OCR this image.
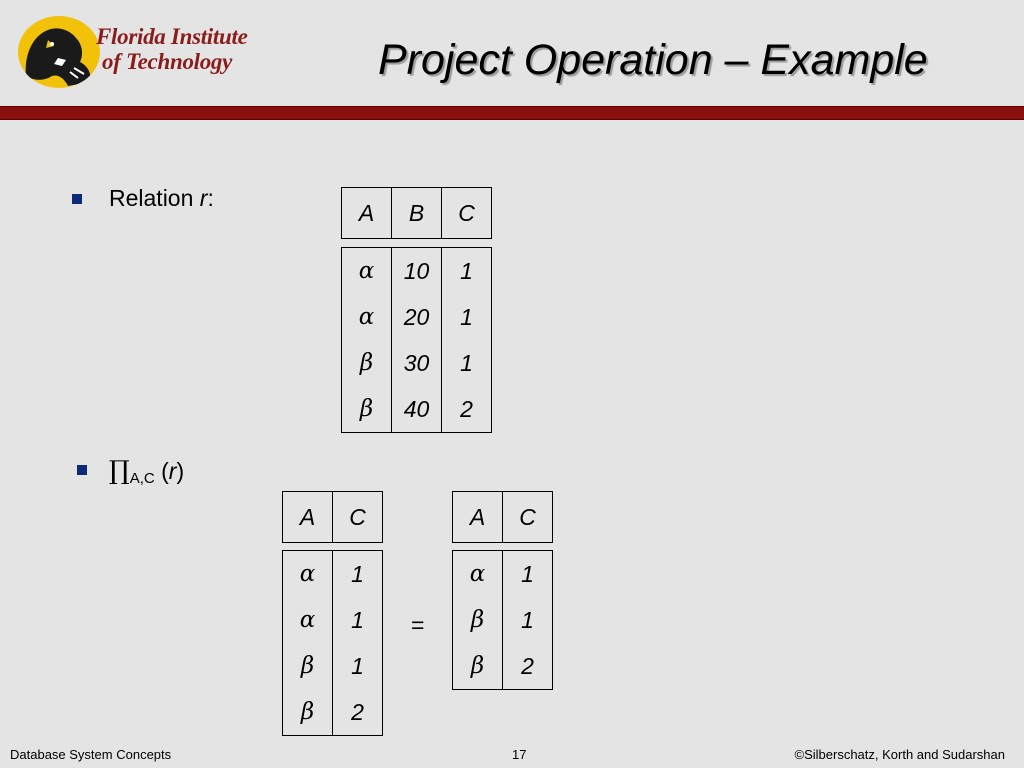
Florida Institute
of Technology	Project Operation – Example
Relation r:
A	B	C
α	10	1
α	20	1
β	30	1
β	40	2
$\prod_{A,C}$ (r)
A	C
α	1
α	1
β	1
β	2
=
A	C
α	1
β	1
β	2
Database System Concepts	17	©Silberschatz, Korth and Sudarshan
